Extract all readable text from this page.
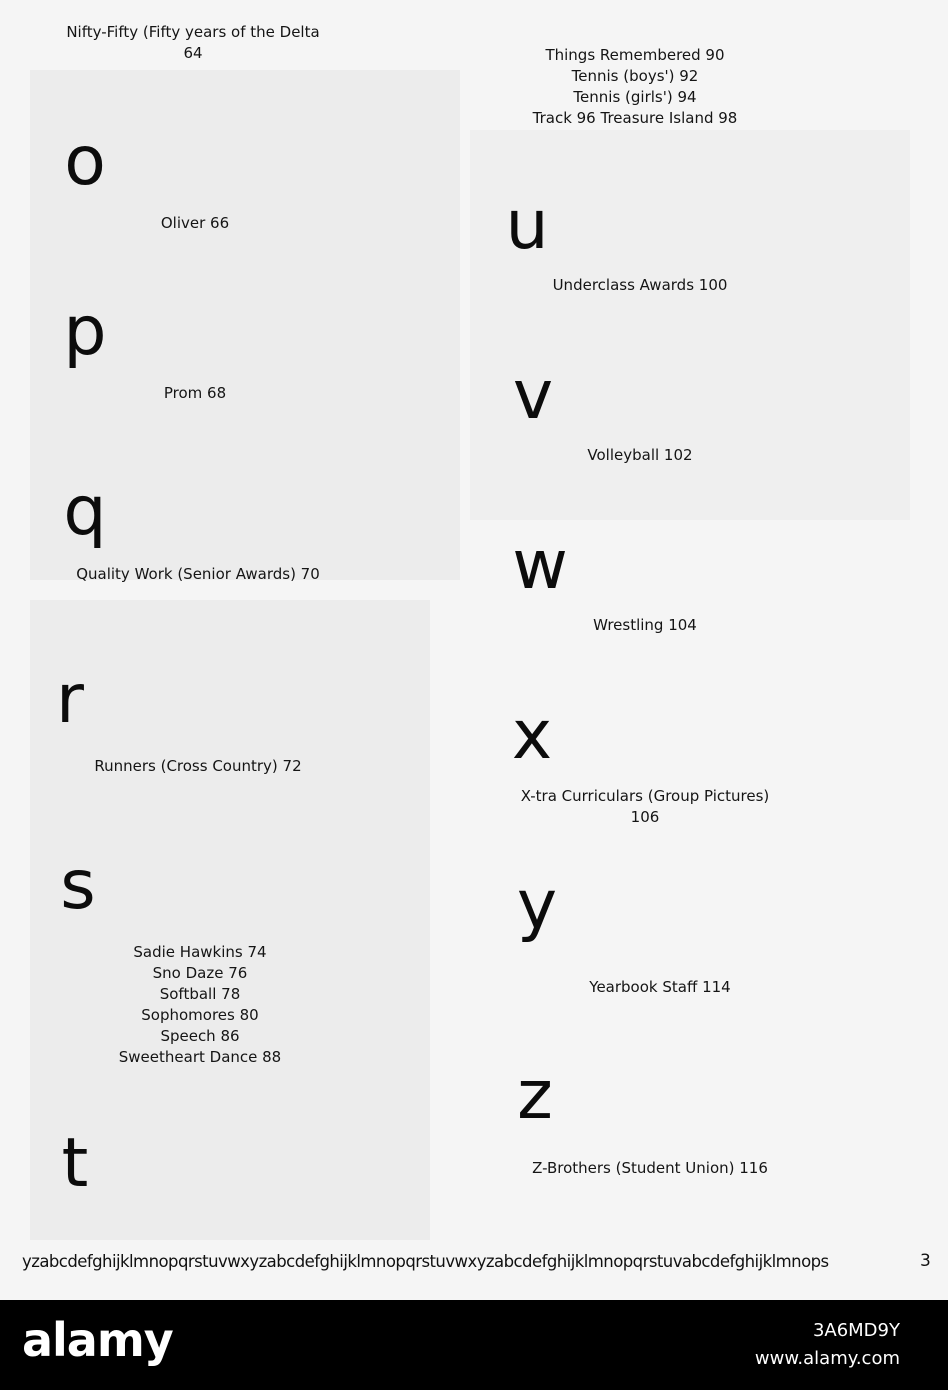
Nifty-Fifty (Fifty years of the Delta
64
o
Oliver 66
p
Prom 68
q
Quality Work (Senior Awards) 70
r
Runners (Cross Country) 72
s
Sadie Hawkins 74
Sno Daze 76
Softball 78
Sophomores 80
Speech 86
Sweetheart Dance 88
t
Things Remembered 90
Tennis (boys') 92
Tennis (girls') 94
Track 96 Treasure Island 98
u
Underclass Awards 100
v
Volleyball 102
w
Wrestling 104
x
X-tra Curriculars (Group Pictures)
106
y
Yearbook Staff 114
z
Z-Brothers (Student Union) 116
yzabcdefghijklmnopqrstuvwxyzabcdefghijklmnopqrstuvwxyzabcdefghijklmnopqrstuvabcdefghijklmnops	3
alamy	3A6MD9Y
www.alamy.com
